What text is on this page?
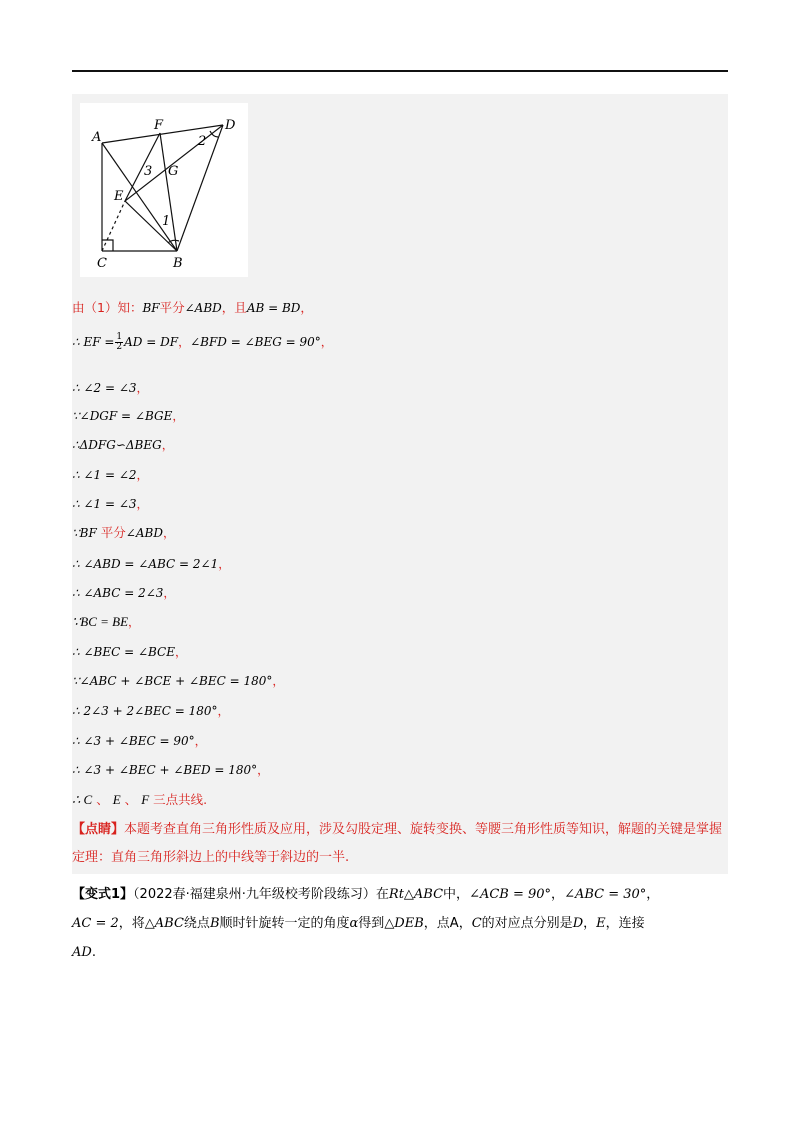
A
F	D
2
3 G
E
1
C	B
由（1）知：BF平分∠ABD，且AB = BD，
∴ EF = $\frac{1}{2}$ AD = DF，∠BFD = ∠BEG = 90°，
∴ ∠2 = ∠3，
∵∠DGF = ∠BGE，
∴ΔDFG∽ΔBEG，
∴ ∠1 = ∠2，
∴ ∠1 = ∠3，
∵BF 平分∠ABD，
∴ ∠ABD = ∠ABC = 2∠1，
∴ ∠ABC = 2∠3，
∵BC = BE，
∴ ∠BEC = ∠BCE，
∵∠ABC + ∠BCE + ∠BEC = 180°，
∴ 2∠3 + 2∠BEC = 180°，
∴ ∠3 + ∠BEC = 90°，
∴ ∠3 + ∠BEC + ∠BED = 180°，
∴ C 、 E 、 F 三点共线.
【点睛】本题考查直角三角形性质及应用，涉及勾股定理、旋转变换、等腰三角形性质等知识，解题的关键是掌握定理：直角三角形斜边上的中线等于斜边的一半.
【变式1】（2022春·福建泉州·九年级校考阶段练习）在Rt△ABC中，∠ACB = 90°，∠ABC = 30°，
AC = 2，将△ABC绕点B顺时针旋转一定的角度α得到△DEB，点A，C的对应点分别是D，E，连接
AD.
